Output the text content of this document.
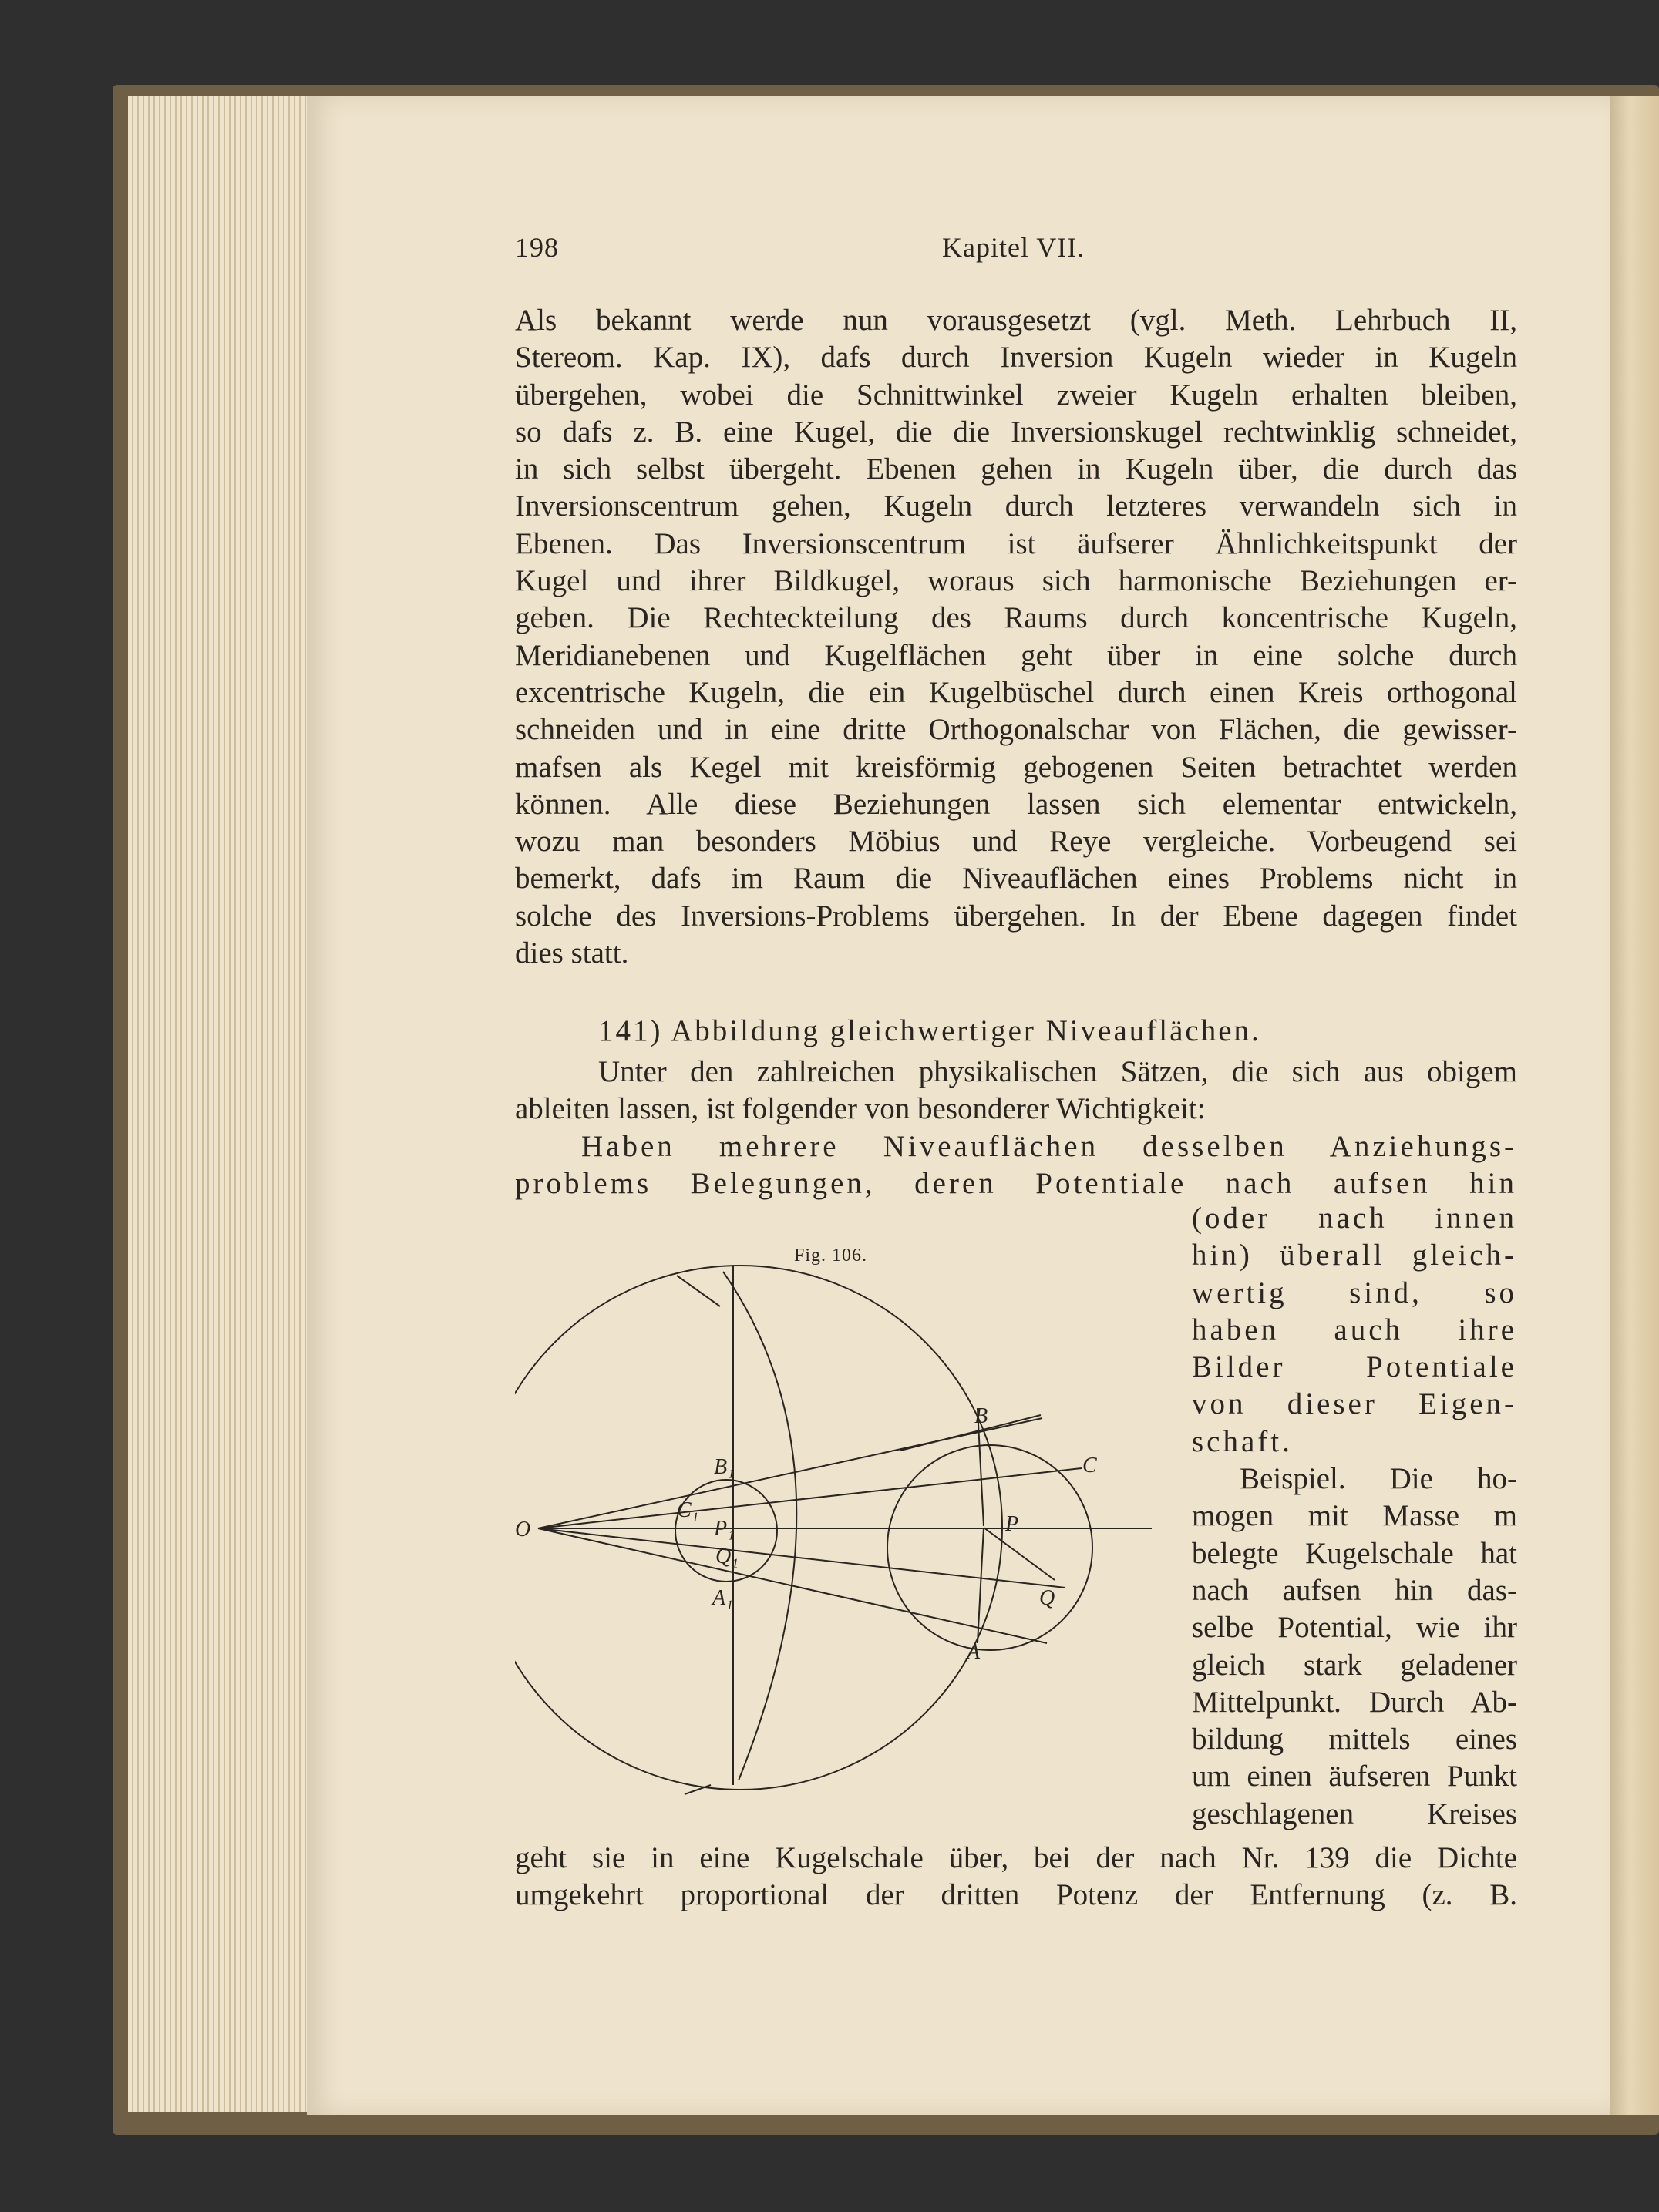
198	Kapitel VII.
Als bekannt werde nun vorausgesetzt (vgl. Meth. Lehrbuch II,
Stereom. Kap. IX), dafs durch Inversion Kugeln wieder in Kugeln
übergehen, wobei die Schnittwinkel zweier Kugeln erhalten bleiben,
so dafs z. B. eine Kugel, die die Inversionskugel rechtwinklig schneidet,
in sich selbst übergeht. Ebenen gehen in Kugeln über, die durch das
Inversionscentrum gehen, Kugeln durch letzteres verwandeln sich in
Ebenen. Das Inversionscentrum ist äufserer Ähnlichkeitspunkt der
Kugel und ihrer Bildkugel, woraus sich harmonische Beziehungen er-
geben. Die Rechteckteilung des Raums durch koncentrische Kugeln,
Meridianebenen und Kugelflächen geht über in eine solche durch
excentrische Kugeln, die ein Kugelbüschel durch einen Kreis orthogonal
schneiden und in eine dritte Orthogonalschar von Flächen, die gewisser-
mafsen als Kegel mit kreisförmig gebogenen Seiten betrachtet werden
können. Alle diese Beziehungen lassen sich elementar entwickeln,
wozu man besonders Möbius und Reye vergleiche. Vorbeugend sei
bemerkt, dafs im Raum die Niveauflächen eines Problems nicht in
solche des Inversions-Problems übergehen. In der Ebene dagegen findet
dies statt.
141) Abbildung gleichwertiger Niveauflächen.
Unter den zahlreichen physikalischen Sätzen, die sich aus obigem
ableiten lassen, ist folgender von besonderer Wichtigkeit:
Haben mehrere Niveauflächen desselben Anziehungs-
problems Belegungen, deren Potentiale nach aufsen hin
Fig. 106.
O
B
C
P
Q
A
B₁
C₁
P₁
Q₁
A₁
(oder nach innen
hin) überall gleich-
wertig sind, so
haben auch ihre
Bilder Potentiale
von dieser Eigen-
schaft.
Beispiel. Die ho-
mogen mit Masse m
belegte Kugelschale hat
nach aufsen hin das-
selbe Potential, wie ihr
gleich stark geladener
Mittelpunkt. Durch Ab-
bildung mittels eines
um einen äufseren Punkt
geschlagenen Kreises
geht sie in eine Kugelschale über, bei der nach Nr. 139 die Dichte
umgekehrt proportional der dritten Potenz der Entfernung (z. B.
